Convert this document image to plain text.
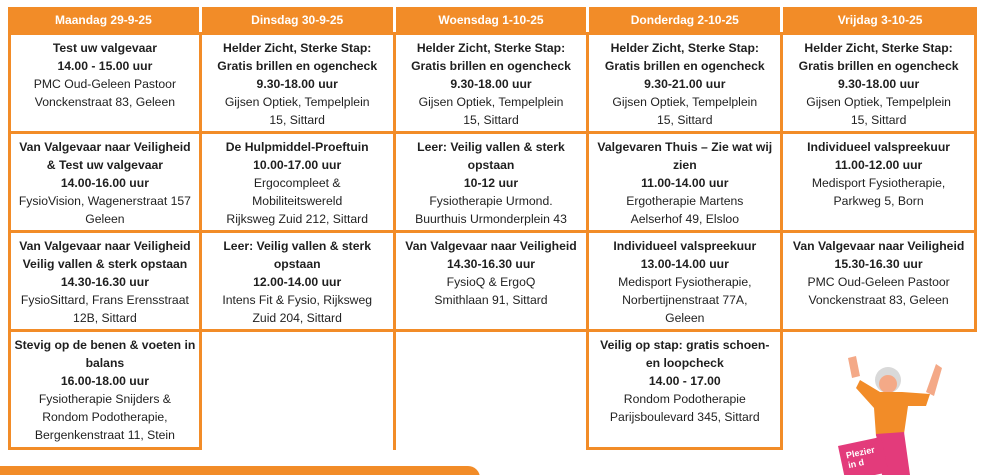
Maandag 29-9-25	Dinsdag 30-9-25	Woensdag 1-10-25	Donderdag 2-10-25	Vrijdag 3-10-25

Test uw valgevaar
14.00 - 15.00 uur
PMC Oud-Geleen Pastoor
Vonckenstraat 83, Geleen	Helder Zicht, Sterke Stap: Gratis brillen en ogencheck
9.30-18.00 uur
Gijsen Optiek, Tempelplein
15, Sittard	Helder Zicht, Sterke Stap: Gratis brillen en ogencheck
9.30-18.00 uur
Gijsen Optiek, Tempelplein
15, Sittard	Helder Zicht, Sterke Stap: Gratis brillen en ogencheck
9.30-21.00 uur
Gijsen Optiek, Tempelplein
15, Sittard	Helder Zicht, Sterke Stap: Gratis brillen en ogencheck
9.30-18.00 uur
Gijsen Optiek, Tempelplein
15, Sittard

Van Valgevaar naar Veiligheid & Test uw valgevaar
14.00-16.00 uur
FysioVision, Wagenerstraat 157
Geleen	De Hulpmiddel-Proeftuin
10.00-17.00 uur
Ergocompleet &
Mobiliteitswereld
Rijksweg Zuid 212, Sittard	Leer: Veilig vallen & sterk opstaan
10-12 uur
Fysiotherapie Urmond.
Buurthuis Urmonderplein 43	Valgevaren Thuis – Zie wat wij zien
11.00-14.00 uur
Ergotherapie Martens
Aelserhof 49, Elsloo	Individueel valspreekuur
11.00-12.00 uur
Medisport Fysiotherapie,
Parkweg 5, Born

Van Valgevaar naar Veiligheid
Veilig vallen & sterk opstaan
14.30-16.30 uur
FysioSittard, Frans Erensstraat
12B, Sittard	Leer: Veilig vallen & sterk opstaan
12.00-14.00 uur
Intens Fit & Fysio, Rijksweg
Zuid 204, Sittard	Van Valgevaar naar Veiligheid
14.30-16.30 uur
FysioQ & ErgoQ
Smithlaan 91, Sittard	Individueel valspreekuur
13.00-14.00 uur
Medisport Fysiotherapie,
Norbertijnenstraat 77A,
Geleen	Van Valgevaar naar Veiligheid
15.30-16.30 uur
PMC Oud-Geleen Pastoor
Vonckenstraat 83, Geleen

Stevig op de benen & voeten in balans
16.00-18.00 uur
Fysiotherapie Snijders &
Rondom Podotherapie,
Bergenkenstraat 11, Stein			Veilig op stap: gratis schoen- en loopcheck
14.00 - 17.00
Rondom Podotherapie
Parijsboulevard 345, Sittard	

Plezier
in d
